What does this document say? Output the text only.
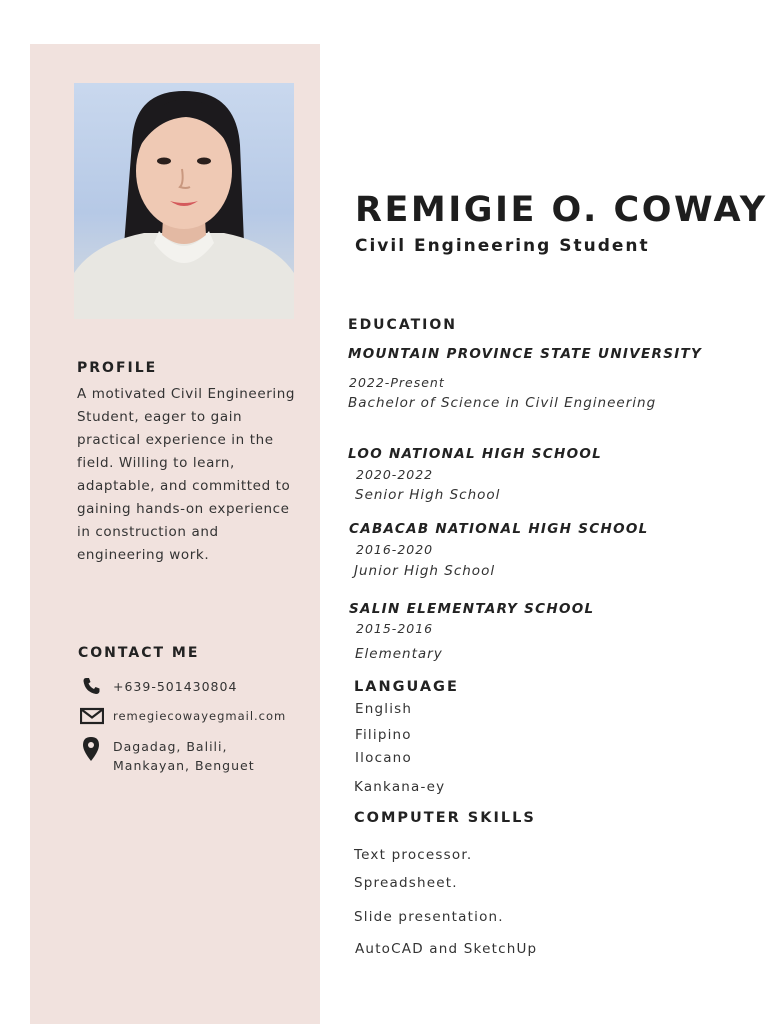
PROFILE
A motivated Civil Engineering Student, eager to gain practical experience in the field. Willing to learn, adaptable, and committed to gaining hands-on experience in construction and engineering work.
CONTACT ME
+639-501430804
remegiecowayegmail.com
Dagadag, Balili,
Mankayan, Benguet
REMIGIE O. COWAY
Civil Engineering Student
EDUCATION
MOUNTAIN PROVINCE STATE UNIVERSITY
2022-Present
Bachelor of Science in Civil Engineering
LOO NATIONAL HIGH SCHOOL
2020-2022
Senior High School
CABACAB NATIONAL HIGH SCHOOL
2016-2020
Junior High School
SALIN ELEMENTARY SCHOOL
2015-2016
Elementary
LANGUAGE
English
Filipino
Ilocano
Kankana-ey
COMPUTER SKILLS
Text processor.
Spreadsheet.
Slide presentation.
AutoCAD and SketchUp
